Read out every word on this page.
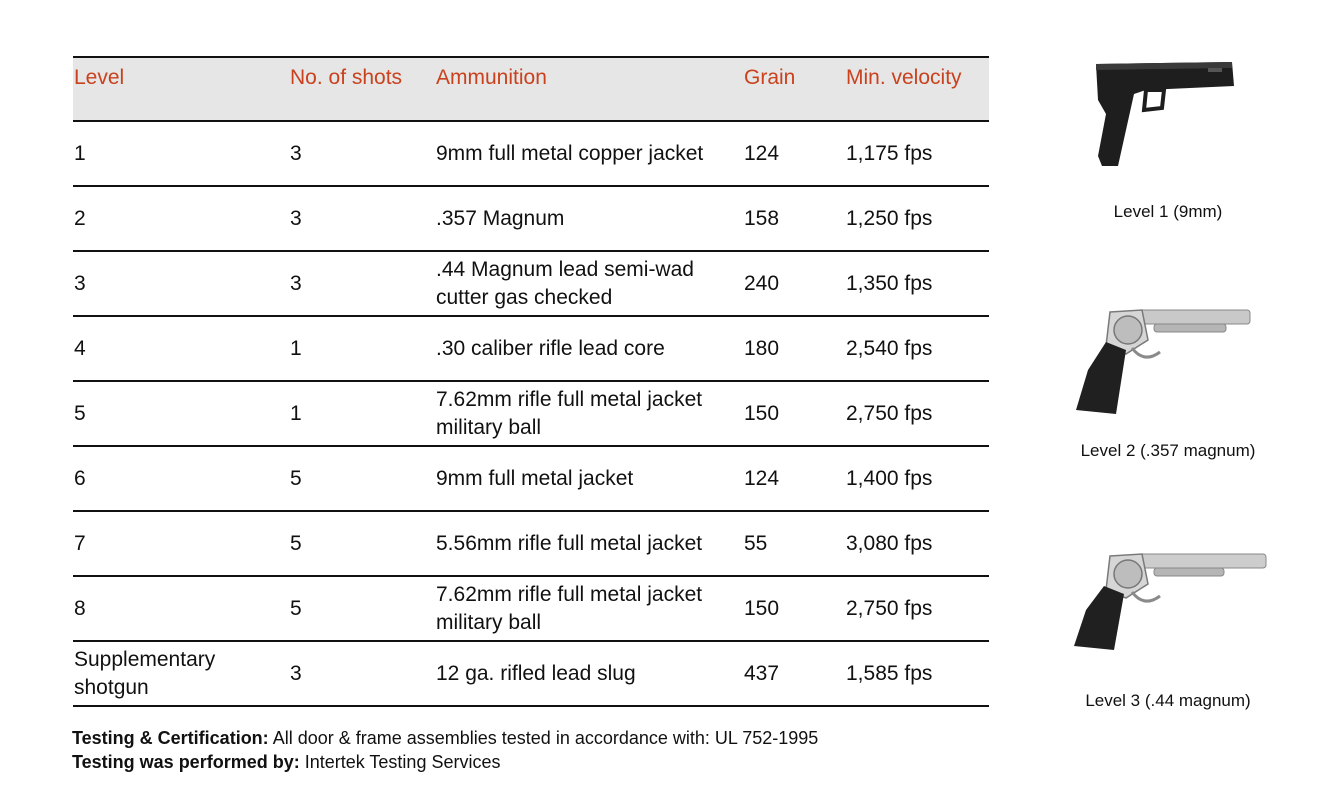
Level	No. of shots	Ammunition	Grain	Min. velocity
1	3	9mm full metal copper jacket	124	1,175 fps
2	3	.357 Magnum	158	1,250 fps
3	3	.44 Magnum lead semi-wad cutter gas checked	240	1,350 fps
4	1	.30 caliber rifle lead core	180	2,540 fps
5	1	7.62mm rifle full metal jacket military ball	150	2,750 fps
6	5	9mm full metal jacket	124	1,400 fps
7	5	5.56mm rifle full metal jacket	55	3,080 fps
8	5	7.62mm rifle full metal jacket military ball	150	2,750 fps
Supplementary shotgun	3	12 ga. rifled lead slug	437	1,585 fps
Testing & Certification: All door & frame assemblies tested in accordance with: UL 752-1995
Testing was performed by: Intertek Testing Services
Level 1 (9mm)
Level 2 (.357 magnum)
Level 3 (.44 magnum)
